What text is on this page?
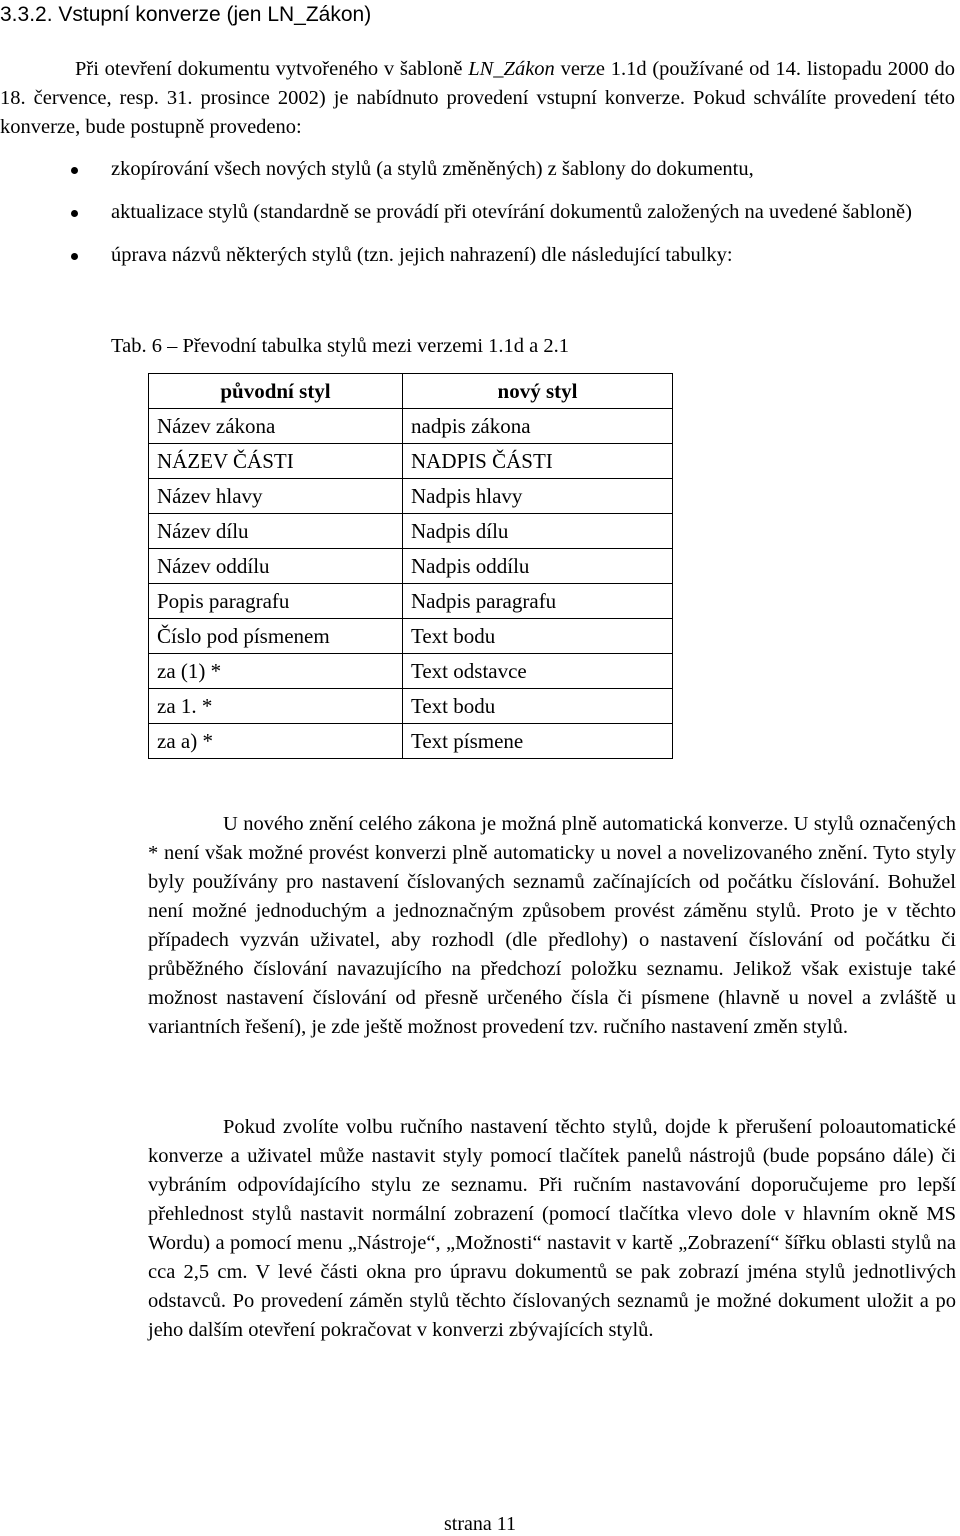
3.3.2. Vstupní konverze (jen LN_Zákon)

Při otevření dokumentu vytvořeného v šabloně LN_Zákon verze 1.1d (používané od 14. listopadu 2000 do 18. července, resp. 31. prosince 2002) je nabídnuto provedení vstupní konverze. Pokud schválíte provedení této konverze, bude postupně provedeno:

zkopírování všech nových stylů (a stylů změněných) z šablony do dokumentu,
aktualizace stylů (standardně se provádí při otevírání dokumentů založených na uvedené šabloně)
úprava názvů některých stylů (tzn. jejich nahrazení) dle následující tabulky:
Tab. 6 – Převodní tabulka stylů mezi verzemi 1.1d a 2.1
původní styl	nový styl
Název zákona	nadpis zákona
NÁZEV ČÁSTI	NADPIS ČÁSTI
Název hlavy	Nadpis hlavy
Název dílu	Nadpis dílu
Název oddílu	Nadpis oddílu
Popis paragrafu	Nadpis paragrafu
Číslo pod písmenem	Text bodu
za (1) *	Text odstavce
za 1. *	Text bodu
za a) *	Text písmene

U nového znění celého zákona je možná plně automatická konverze. U stylů označených * není však možné provést konverzi plně automaticky u novel a novelizovaného znění. Tyto styly byly používány pro nastavení číslovaných seznamů začínajících od počátku číslování. Bohužel není možné jednoduchým a jednoznačným způsobem provést záměnu stylů. Proto je v těchto případech vyzván uživatel, aby rozhodl (dle předlohy) o nastavení číslování od počátku či průběžného číslování navazujícího na předchozí položku seznamu. Jelikož však existuje také možnost nastavení číslování od přesně určeného čísla či písmene (hlavně u novel a zvláště u variantních řešení), je zde ještě možnost provedení tzv. ručního nastavení změn stylů.

Pokud zvolíte volbu ručního nastavení těchto stylů, dojde k přerušení poloautomatické konverze a uživatel může nastavit styly pomocí tlačítek panelů nástrojů (bude popsáno dále) či vybráním odpovídajícího stylu ze seznamu. Při ručním nastavování doporučujeme pro lepší přehlednost stylů nastavit normální zobrazení (pomocí tlačítka vlevo dole v hlavním okně MS Wordu) a pomocí menu „Nástroje“, „Možnosti“ nastavit v kartě „Zobrazení“ šířku oblasti stylů na cca 2,5 cm. V levé části okna pro úpravu dokumentů se pak zobrazí jména stylů jednotlivých odstavců. Po provedení záměn stylů těchto číslovaných seznamů je možné dokument uložit a po jeho dalším otevření pokračovat v konverzi zbývajících stylů.

strana 11
